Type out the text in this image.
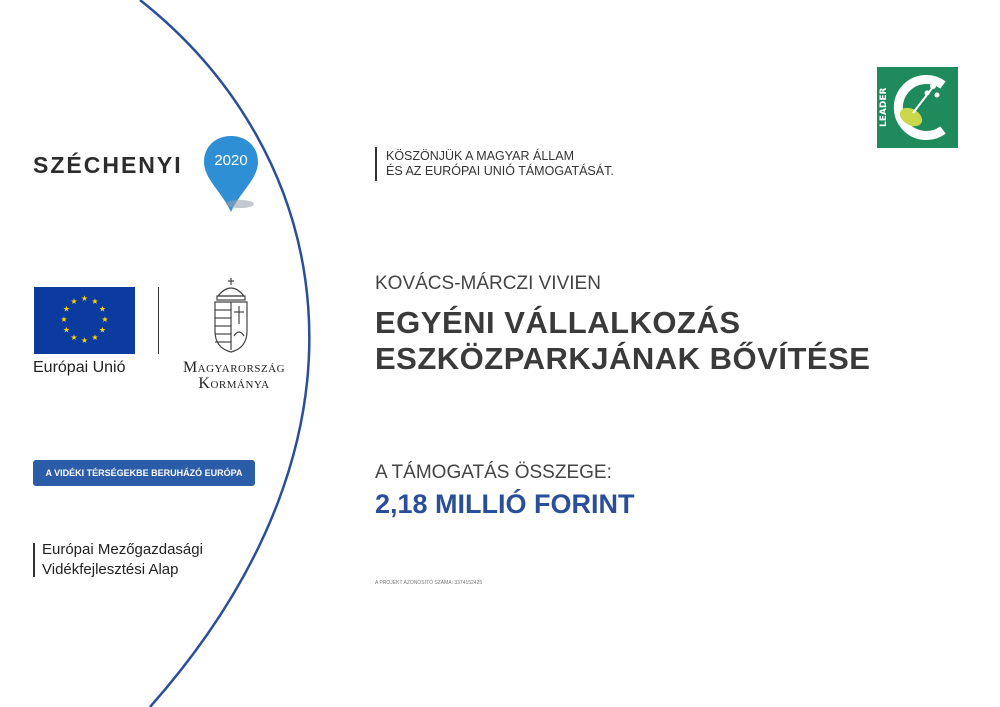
SZÉCHENYI	2020
★ ★
★
★
★
★
★
★
★
★
★
★
Európai Unió	Magyarország
Kormánya
A VIDÉKI TÉRSÉGEKBE BERUHÁZÓ EURÓPA
Európai Mezőgazdasági
Vidékfejlesztési Alap
KÖSZÖNJÜK A MAGYAR ÁLLAM
ÉS AZ EURÓPAI UNIÓ TÁMOGATÁSÁT.
KOVÁCS-MÁRCZI VIVIEN
EGYÉNI VÁLLALKOZÁS
ESZKÖZPARKJÁNAK BŐVÍTÉSE
A TÁMOGATÁS ÖSSZEGE:
2,18 MILLIÓ FORINT
A PROJEKT AZONOSÍTÓ SZÁMA: 3374152425
LEADER
